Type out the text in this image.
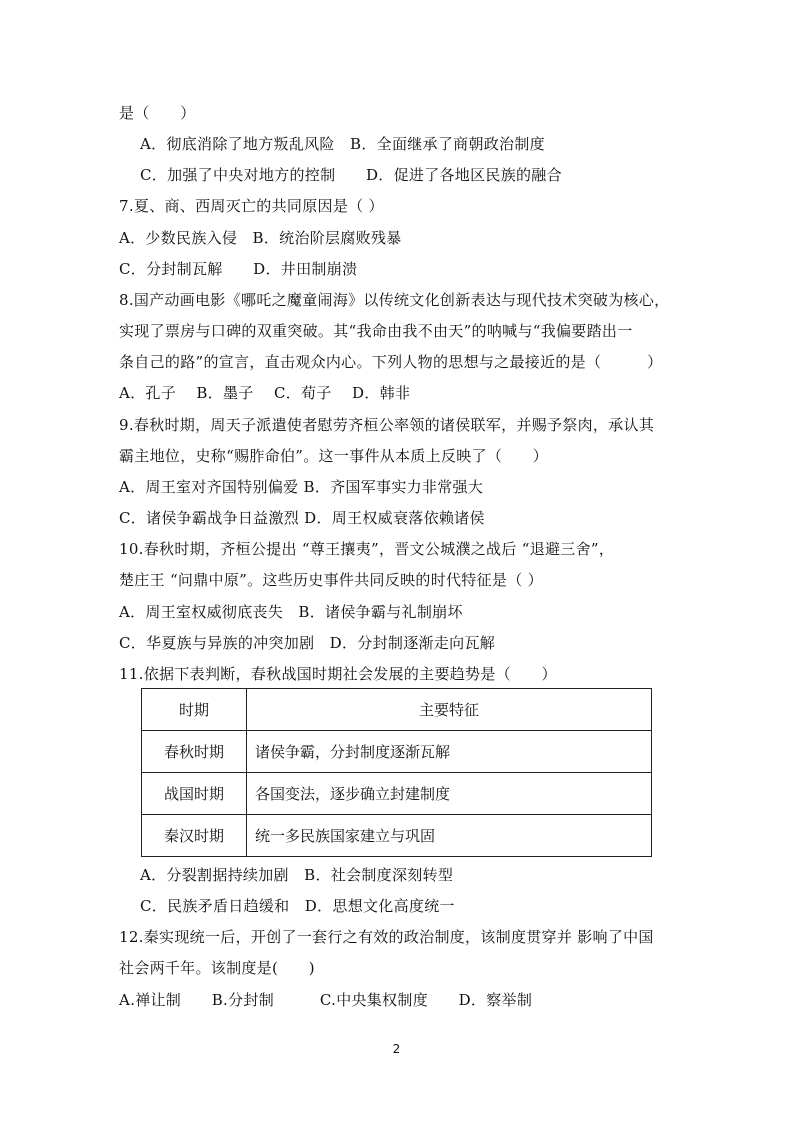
是（　　）
A．彻底消除了地方叛乱风险　B．全面继承了商朝政治制度
C．加强了中央对地方的控制　　D．促进了各地区民族的融合
7.夏、商、西周灭亡的共同原因是（ ）
A．少数民族入侵　B．统治阶层腐败残暴
C．分封制瓦解　　D．井田制崩溃
8.国产动画电影《哪吒之魔童闹海》以传统文化创新表达与现代技术突破为核心，
实现了票房与口碑的双重突破。其“我命由我不由天”的呐喊与“我偏要踏出一
条自己的路”的宣言，直击观众内心。下列人物的思想与之最接近的是（　　　）
A．孔子　 B．墨子　 C．荀子　 D．韩非
9.春秋时期，周天子派遣使者慰劳齐桓公率领的诸侯联军，并赐予祭肉，承认其
霸主地位，史称“赐胙命伯”。这一事件从本质上反映了（　　）
A．周王室对齐国特别偏爱 B．齐国军事实力非常强大
C．诸侯争霸战争日益激烈 D．周王权威衰落依赖诸侯
10.春秋时期，齐桓公提出 “尊王攘夷”，晋文公城濮之战后 “退避三舍”，
楚庄王 “问鼎中原”。这些历史事件共同反映的时代特征是（ ）
A．周王室权威彻底丧失　B．诸侯争霸与礼制崩坏
C．华夏族与异族的冲突加剧　D．分封制逐渐走向瓦解
11.依据下表判断，春秋战国时期社会发展的主要趋势是（　　）
时期	主要特征
春秋时期	诸侯争霸，分封制度逐渐瓦解
战国时期	各国变法，逐步确立封建制度
秦汉时期	统一多民族国家建立与巩固
A．分裂割据持续加剧　B．社会制度深刻转型
C．民族矛盾日趋缓和　D．思想文化高度统一
12.秦实现统一后，开创了一套行之有效的政治制度，该制度贯穿并 影响了中国
社会两千年。该制度是(　　)
A.禅让制　　B.分封制　　　C.中央集权制度　　D．察举制
2
